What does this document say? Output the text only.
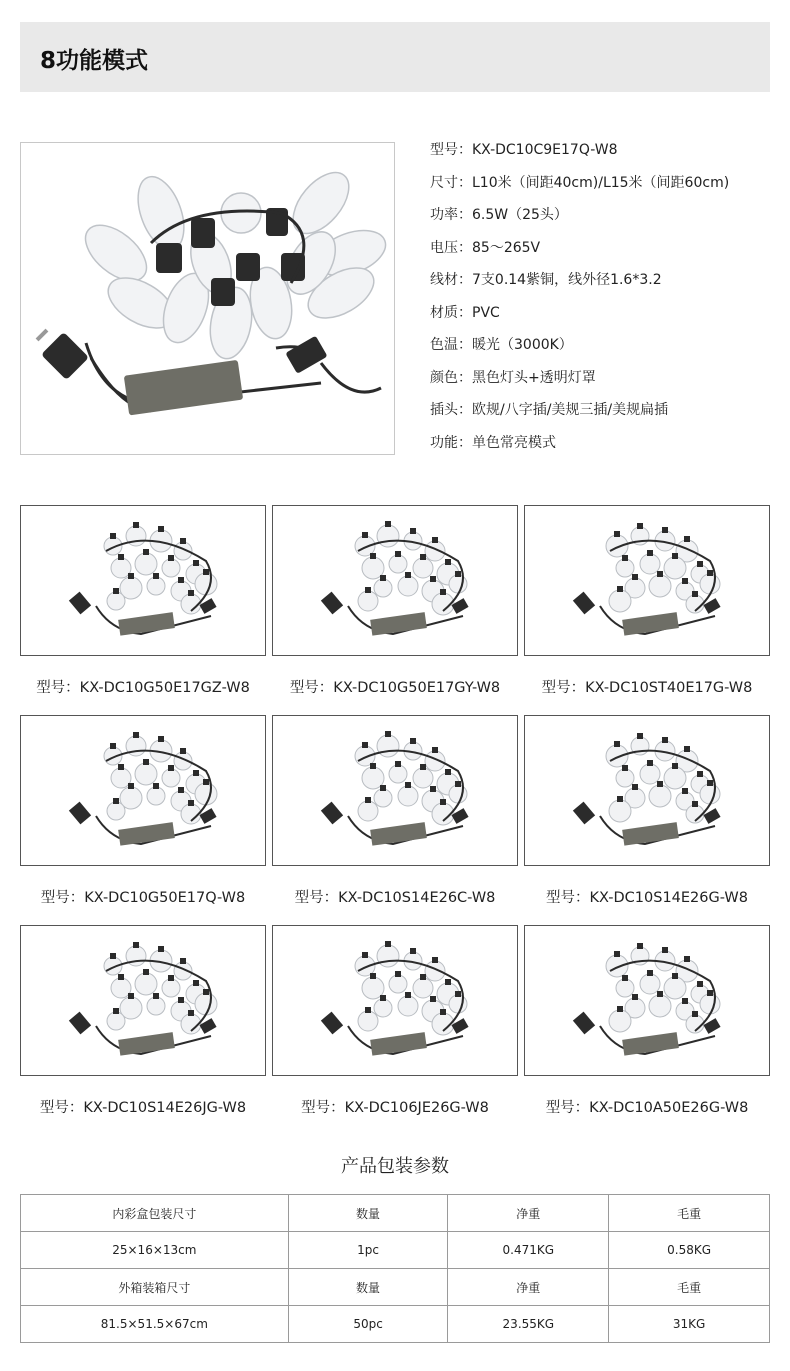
8功能模式
型号：KX-DC10C9E17Q-W8
尺寸：L10米（间距40cm)/L15米（间距60cm)
功率：6.5W（25头）
电压：85～265V
线材：7支0.14紫铜，线外径1.6*3.2
材质：PVC
色温：暖光（3000K）
颜色：黑色灯头+透明灯罩
插头：欧规/八字插/美规三插/美规扁插
功能：单色常亮模式
型号：KX-DC10G50E17GZ-W8	型号：KX-DC10G50E17GY-W8	型号：KX-DC10ST40E17G-W8
型号：KX-DC10G50E17Q-W8	型号：KX-DC10S14E26C-W8	型号：KX-DC10S14E26G-W8
型号：KX-DC10S14E26JG-W8	型号：KX-DC106JE26G-W8	型号：KX-DC10A50E26G-W8
产品包装参数
内彩盒包装尺寸	数量	净重	毛重
25×16×13cm	1pc	0.471KG	0.58KG
外箱装箱尺寸	数量	净重	毛重
81.5×51.5×67cm	50pc	23.55KG	31KG
